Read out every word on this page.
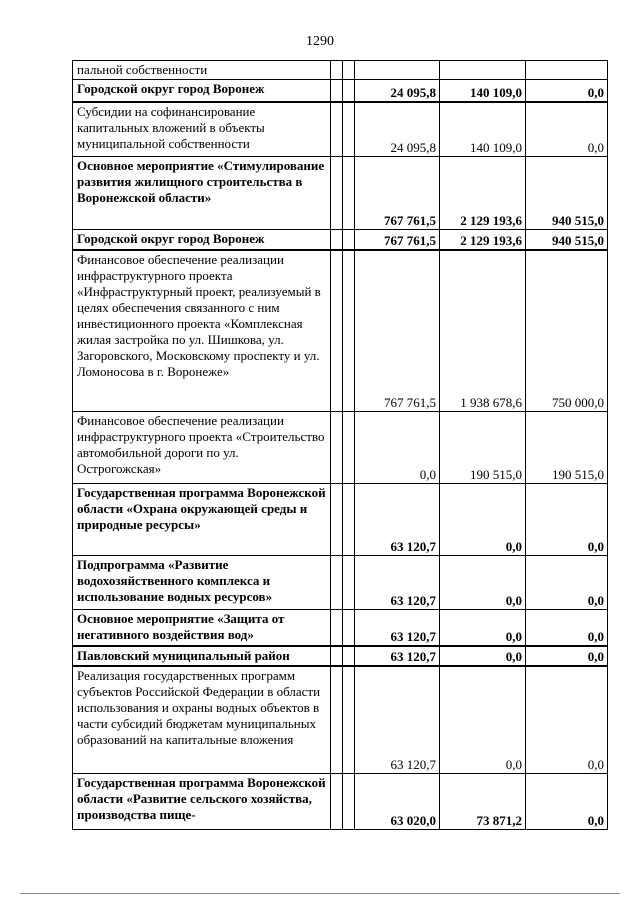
1290
пальной собственности					
Городской округ город Воронеж			24 095,8	140 109,0	0,0
Субсидии на софинансирование капитальных вложений в объекты муниципальной собственности			24 095,8	140 109,0	0,0
Основное мероприятие «Стимулирование развития жилищного строительства в Воронежской области»			767 761,5	2 129 193,6	940 515,0
Городской округ город Воронеж			767 761,5	2 129 193,6	940 515,0
Финансовое обеспечение реализации инфраструктурного проекта «Инфраструктурный проект, реализуемый в целях обеспечения связанного с ним инвестиционного проекта «Комплексная жилая застройка по ул. Шишкова, ул. Загоровского, Московскому проспекту и ул. Ломоносова в г. Воронеже»			767 761,5	1 938 678,6	750 000,0
Финансовое обеспечение реализации инфраструктурного проекта «Строительство автомобильной дороги по ул. Острогожская»			0,0	190 515,0	190 515,0
Государственная программа Воронежской области «Охрана окружающей среды и природные ресурсы»			63 120,7	0,0	0,0
Подпрограмма «Развитие водохозяйственного комплекса и использование водных ресурсов»			63 120,7	0,0	0,0
Основное мероприятие «Защита от негативного воздействия вод»			63 120,7	0,0	0,0
Павловский муниципальный район			63 120,7	0,0	0,0
Реализация государственных программ субъектов Российской Федерации в области использования и охраны водных объектов в части субсидий бюджетам муниципальных образований на капитальные вложения			63 120,7	0,0	0,0
Государственная программа Воронежской области «Развитие сельского хозяйства, производства пище-			63 020,0	73 871,2	0,0
